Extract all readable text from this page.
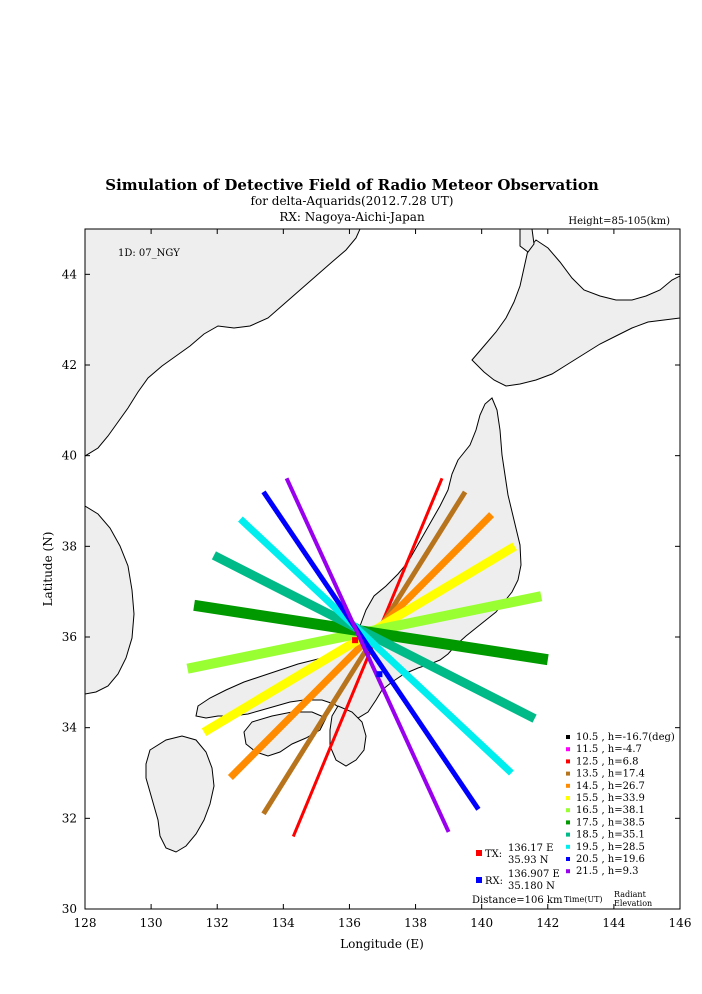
Simulation of Detective Field of Radio Meteor Observation
for delta-Aquarids(2012.7.28 UT)
RX: Nagoya-Aichi-Japan	Height=85-105(km)
128	130	132	134	136	138	140	142	144	146
30
32
34
36
38
40
42
44
1D: 07_NGY
10.5 , h=-16.7(deg)
11.5 , h=-4.7
12.5 , h=6.8
13.5 , h=17.4
14.5 , h=26.7
15.5 , h=33.9
16.5 , h=38.1
17.5 , h=38.5
18.5 , h=35.1
19.5 , h=28.5
20.5 , h=19.6
21.5 , h=9.3
Time(UT)
Radiant
Elevation
TX:
136.17 E
35.93 N
RX:
136.907 E
35.180 N
Distance=106 km
Longitude (E)
Latitude (N)
